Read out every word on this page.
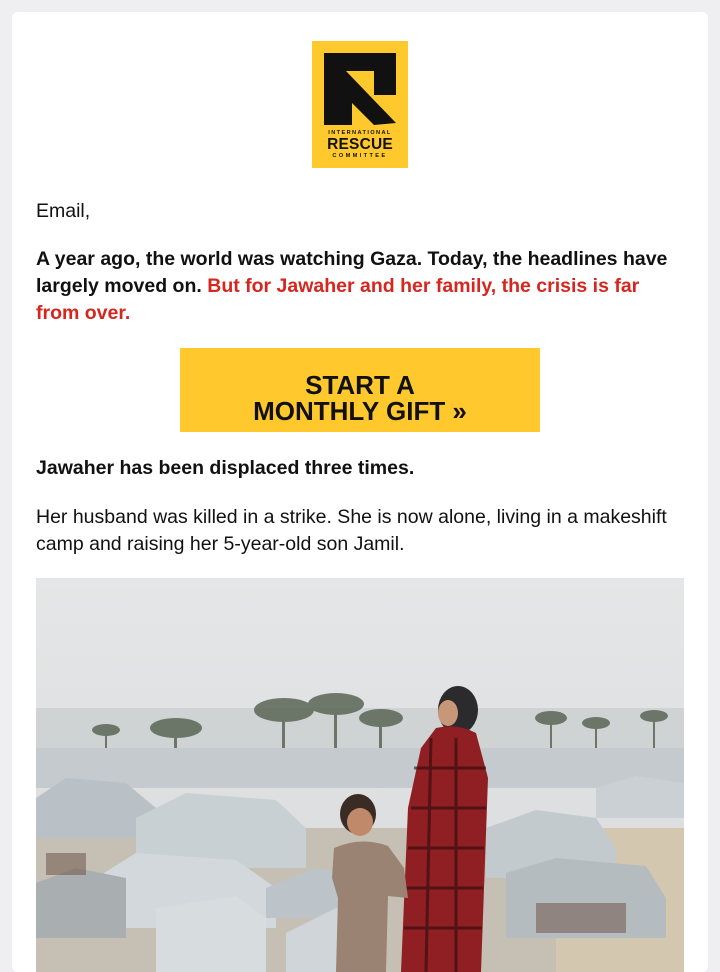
INTERNATIONAL
RESCUE
COMMITTEE

Email,

A year ago, the world was watching Gaza. Today, the headlines have largely moved on. But for Jawaher and her family, the crisis is far from over.

START A
MONTHLY GIFT »

Jawaher has been displaced three times.

Her husband was killed in a strike. She is now alone, living in a makeshift camp and raising her 5-year-old son Jamil.
